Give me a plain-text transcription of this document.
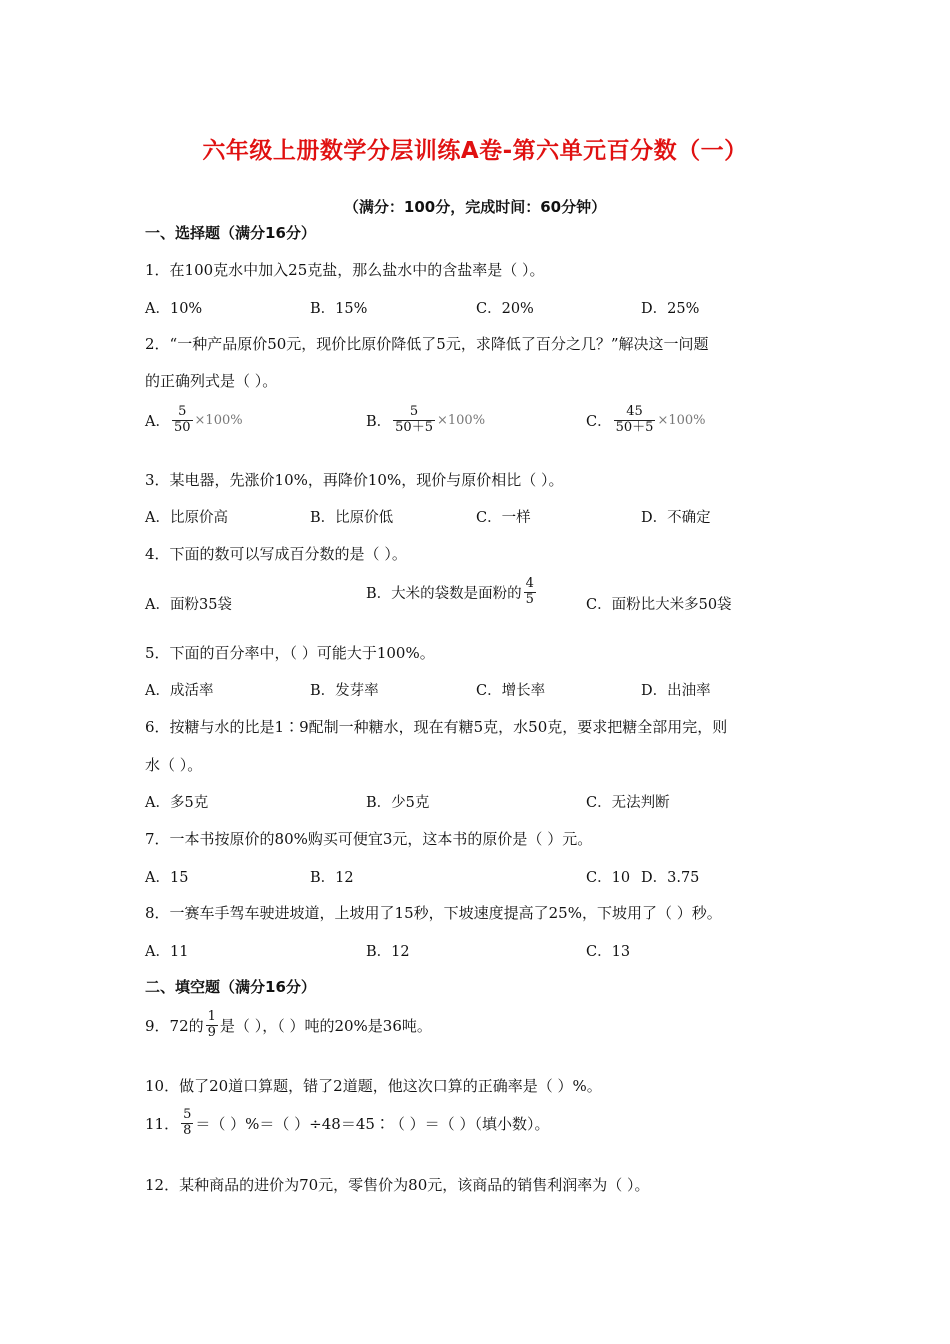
六年级上册数学分层训练A卷-第六单元百分数（一）
（满分：100分，完成时间：60分钟）
一、选择题（满分16分）
1．在100克水中加入25克盐，那么盐水中的含盐率是（ ）。
A．10%	B．15%	C．20%	D．25%
2．“一种产品原价50元，现价比原价降低了5元，求降低了百分之几？”解决这一问题
的正确列式是（ ）。
A． $\frac{5}{50} \times 100\%$	B． $\frac{5}{50+5} \times 100\%$	C． $\frac{45}{50+5} \times 100\%$
3．某电器，先涨价10%，再降价10%，现价与原价相比（ ）。
A．比原价高	B．比原价低	C．一样	D．不确定
4．下面的数可以写成百分数的是（ ）。
A．面粉35袋
B．大米的袋数是面粉的 $\frac{4}{5}$	C．面粉比大米多50袋
5．下面的百分率中，（ ）可能大于100%。
A．成活率	B．发芽率	C．增长率	D．出油率
6．按糖与水的比是1∶9配制一种糖水，现在有糖5克，水50克，要求把糖全部用完，则
水（ ）。
A．多5克	B．少5克	C．无法判断
7．一本书按原价的80%购买可便宜3元，这本书的原价是（ ）元。
A．15	B．12	C．10 D．3.75
8．一赛车手驾车驶进坡道，上坡用了15秒，下坡速度提高了25%，下坡用了（ ）秒。
A．11	B．12	C．13
二、填空题（满分16分）
9．72的 $\frac{1}{9}$ 是（ ），（ ）吨的20%是36吨。
10．做了20道口算题，错了2道题，他这次口算的正确率是（ ）%。
11． $\frac{5}{8}$ ＝（ ）%＝（ ）÷48＝45∶（ ）＝（ ）（填小数）。
12．某种商品的进价为70元，零售价为80元，该商品的销售利润率为（ ）。
